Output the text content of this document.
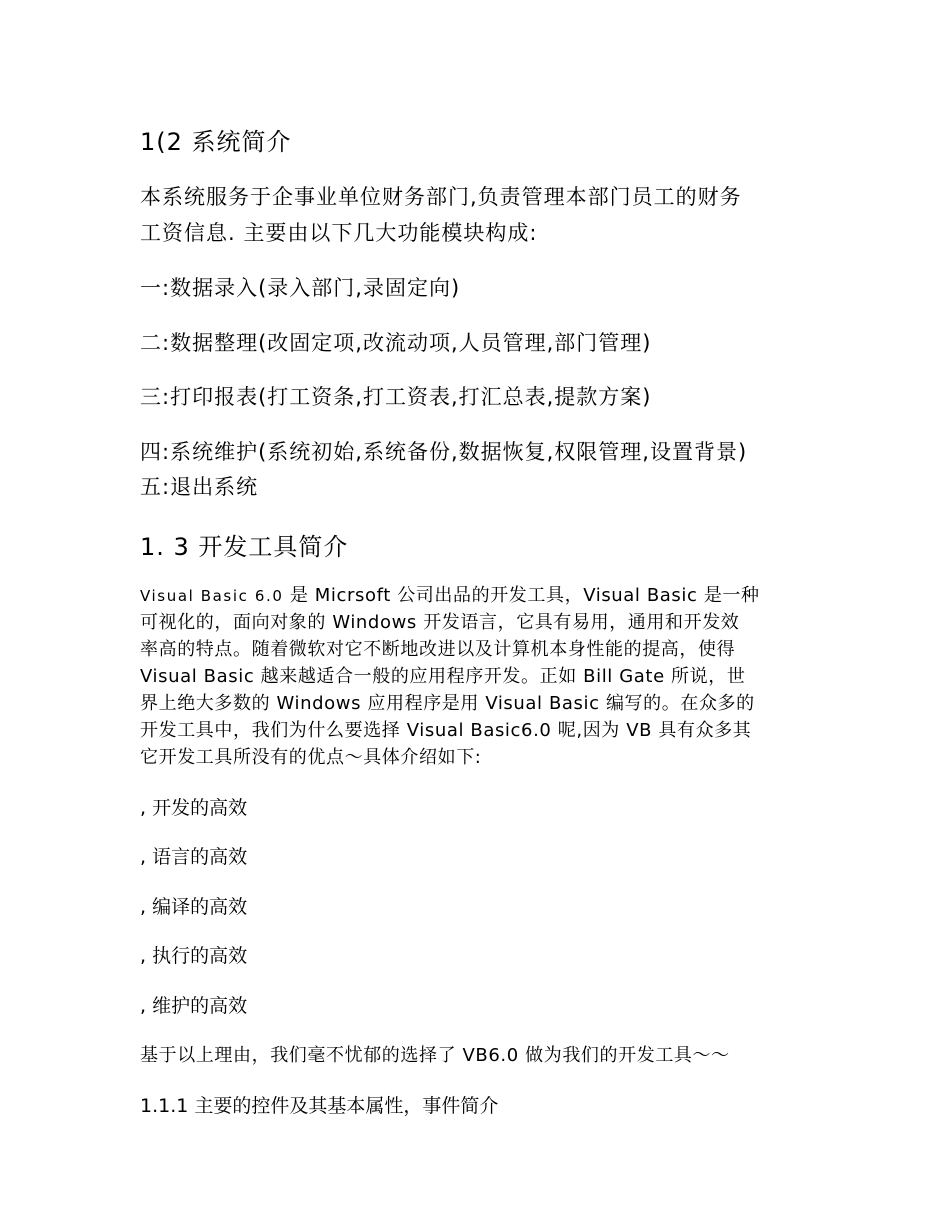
1(2 系统简介
本系统服务于企事业单位财务部门,负责管理本部门员工的财务
工资信息. 主要由以下几大功能模块构成:
一:数据录入(录入部门,录固定向)
二:数据整理(改固定项,改流动项,人员管理,部门管理)
三:打印报表(打工资条,打工资表,打汇总表,提款方案)
四:系统维护(系统初始,系统备份,数据恢复,权限管理,设置背景)
五:退出系统
1. 3 开发工具简介
Visual Basic 6.0 是 Micrsoft 公司出品的开发工具，Visual Basic 是一种
可视化的，面向对象的 Windows 开发语言，它具有易用，通用和开发效
率高的特点。随着微软对它不断地改进以及计算机本身性能的提高，使得
Visual Basic 越来越适合一般的应用程序开发。正如 Bill Gate 所说，世
界上绝大多数的 Windows 应用程序是用 Visual Basic 编写的。在众多的
开发工具中，我们为什么要选择 Visual Basic6.0 呢,因为 VB 具有众多其
它开发工具所没有的优点～具体介绍如下:
, 开发的高效
, 语言的高效
, 编译的高效
, 执行的高效
, 维护的高效
基于以上理由，我们毫不忧郁的选择了 VB6.0 做为我们的开发工具～～
1.1.1 主要的控件及其基本属性，事件简介
